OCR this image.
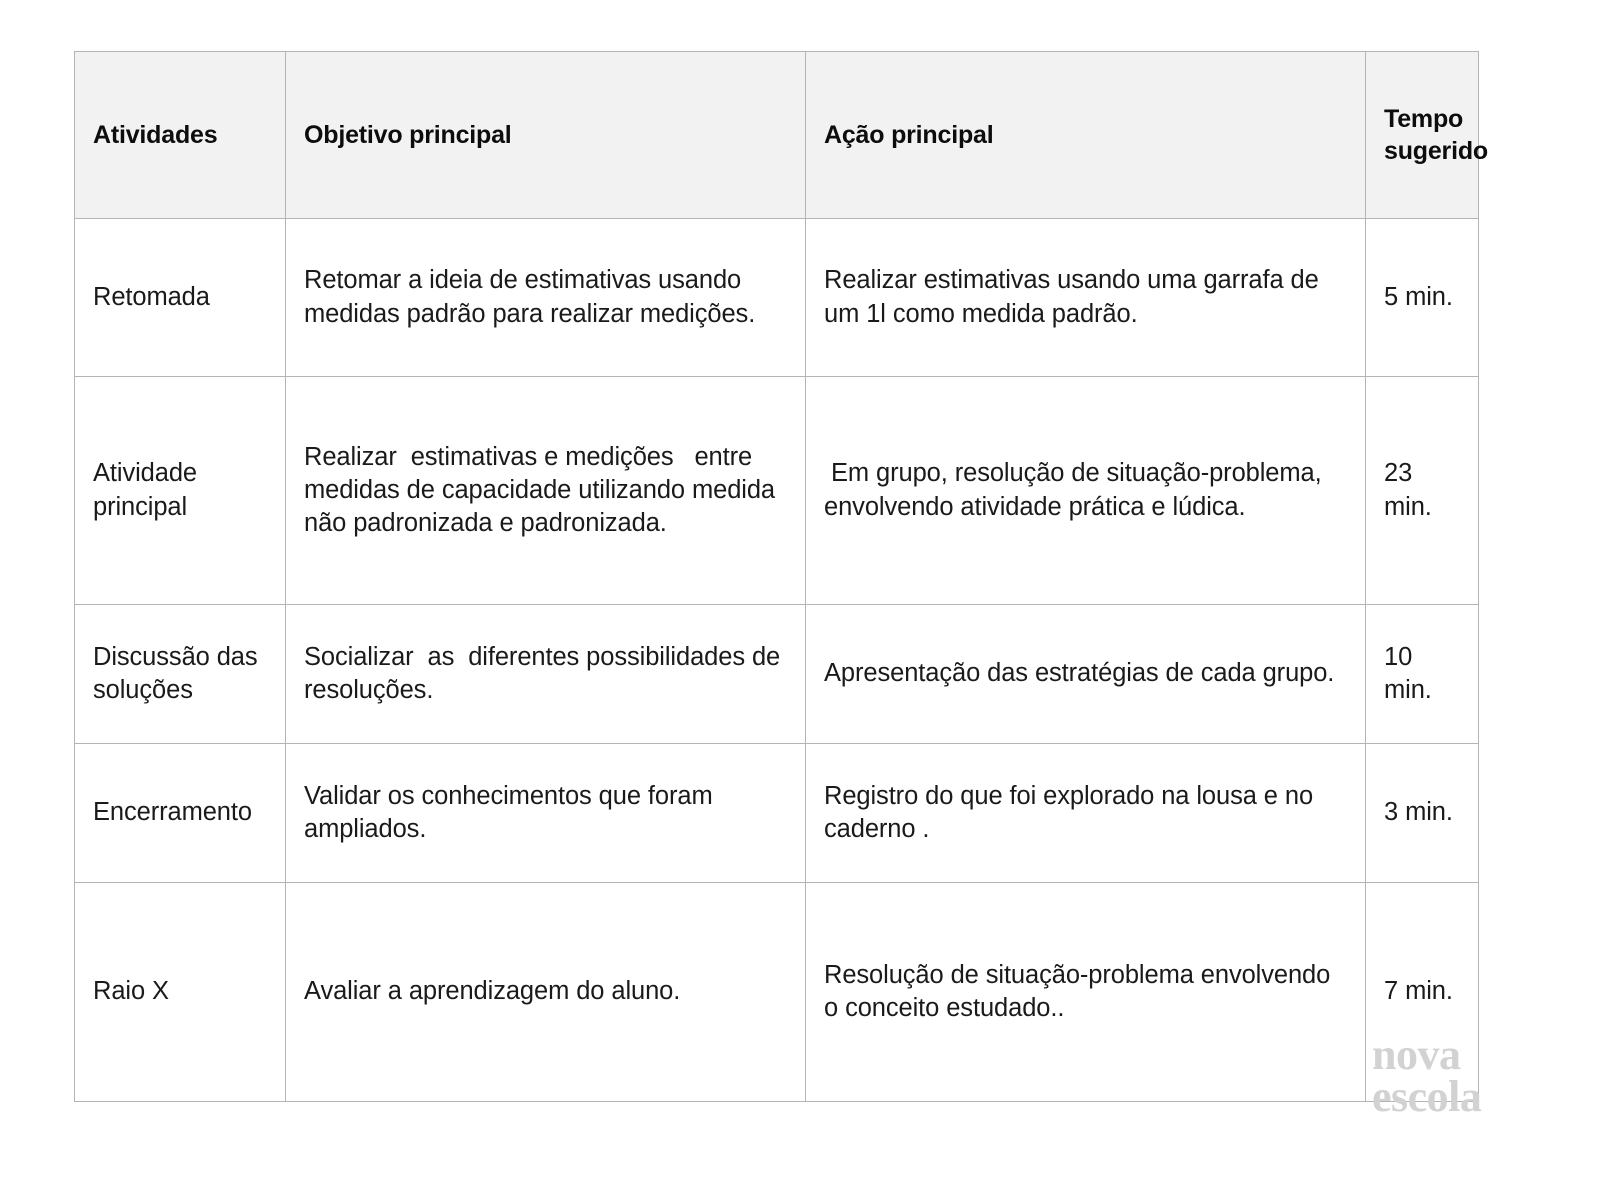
Atividades	Objetivo principal	Ação principal	Tempo sugerido
Retomada	Retomar a ideia de estimativas usando medidas padrão para realizar medições.	Realizar estimativas usando uma garrafa de um 1l como medida padrão.	5 min.
Atividade principal	Realizar  estimativas e medições   entre medidas de capacidade utilizando medida não padronizada e padronizada.	Em grupo, resolução de situação-problema, envolvendo atividade prática e lúdica.	23 min.
Discussão das soluções	Socializar  as  diferentes possibilidades de  resoluções.	Apresentação das estratégias de cada grupo.	10 min.
Encerramento	Validar os conhecimentos que foram ampliados.	Registro do que foi explorado na lousa e no caderno .	3 min.
Raio X	Avaliar a aprendizagem do aluno.	Resolução de situação-problema envolvendo o conceito estudado..	7 min.
nova
escola
